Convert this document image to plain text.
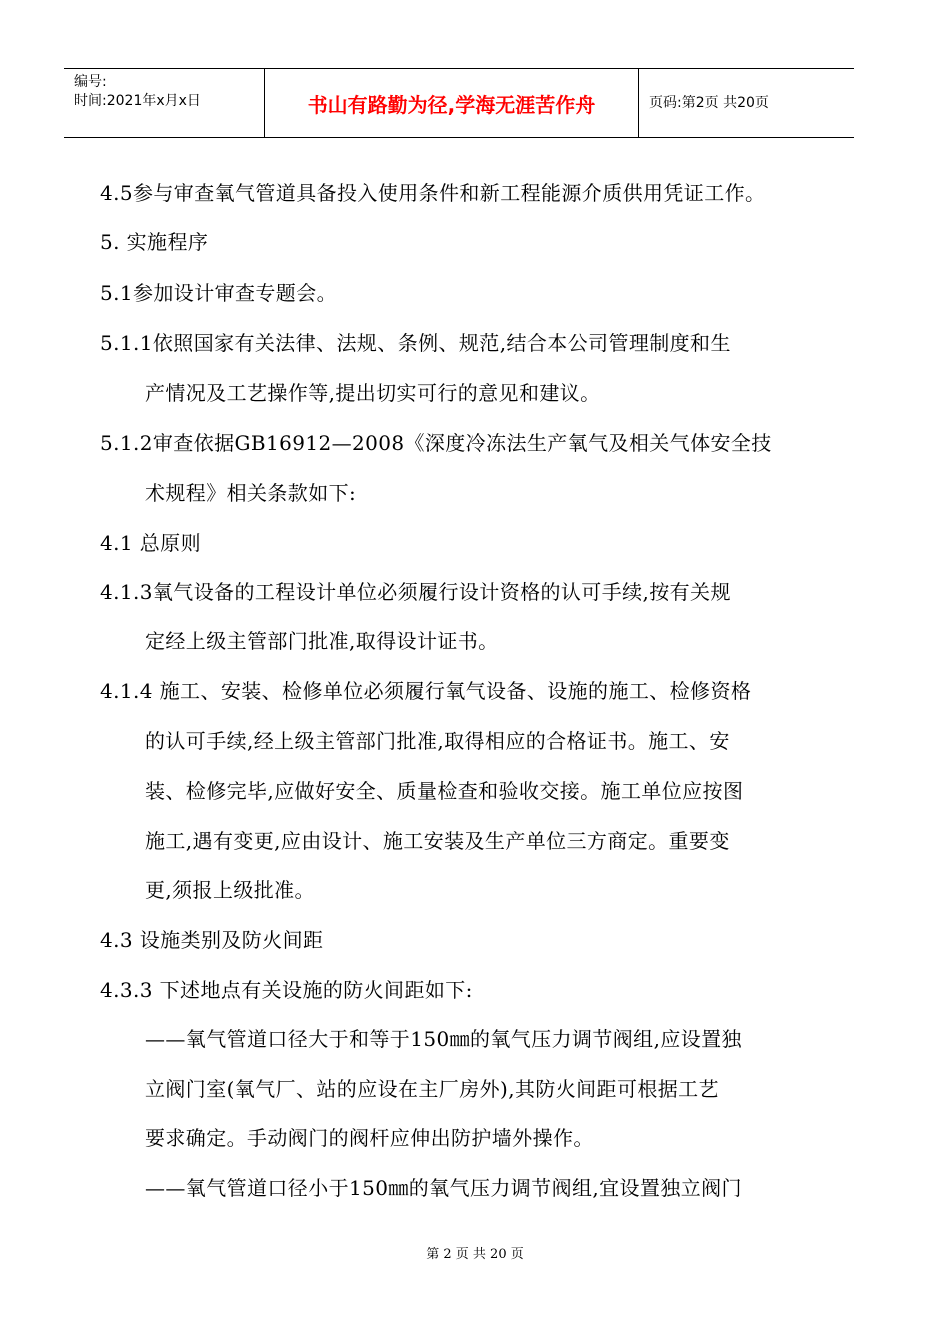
编号:
时间:2021年x月x日	书山有路勤为径,学海无涯苦作舟	页码:第2页 共20页
4.5参与审查氧气管道具备投入使用条件和新工程能源介质供用凭证工作。
5. 实施程序
5.1参加设计审查专题会。
5.1.1依照国家有关法律、法规、条例、规范,结合本公司管理制度和生
产情况及工艺操作等,提出切实可行的意见和建议。
5.1.2审查依据GB16912—2008《深度冷冻法生产氧气及相关气体安全技
术规程》相关条款如下:
4.1 总原则
4.1.3氧气设备的工程设计单位必须履行设计资格的认可手续,按有关规
定经上级主管部门批准,取得设计证书。
4.1.4 施工、安装、检修单位必须履行氧气设备、设施的施工、检修资格
的认可手续,经上级主管部门批准,取得相应的合格证书。施工、安
装、检修完毕,应做好安全、质量检查和验收交接。施工单位应按图
施工,遇有变更,应由设计、施工安装及生产单位三方商定。重要变
更,须报上级批准。
4.3 设施类别及防火间距
4.3.3 下述地点有关设施的防火间距如下:
——氧气管道口径大于和等于150㎜的氧气压力调节阀组,应设置独
立阀门室(氧气厂、站的应设在主厂房外),其防火间距可根据工艺
要求确定。手动阀门的阀杆应伸出防护墙外操作。
——氧气管道口径小于150㎜的氧气压力调节阀组,宜设置独立阀门
第 2 页 共 20 页
